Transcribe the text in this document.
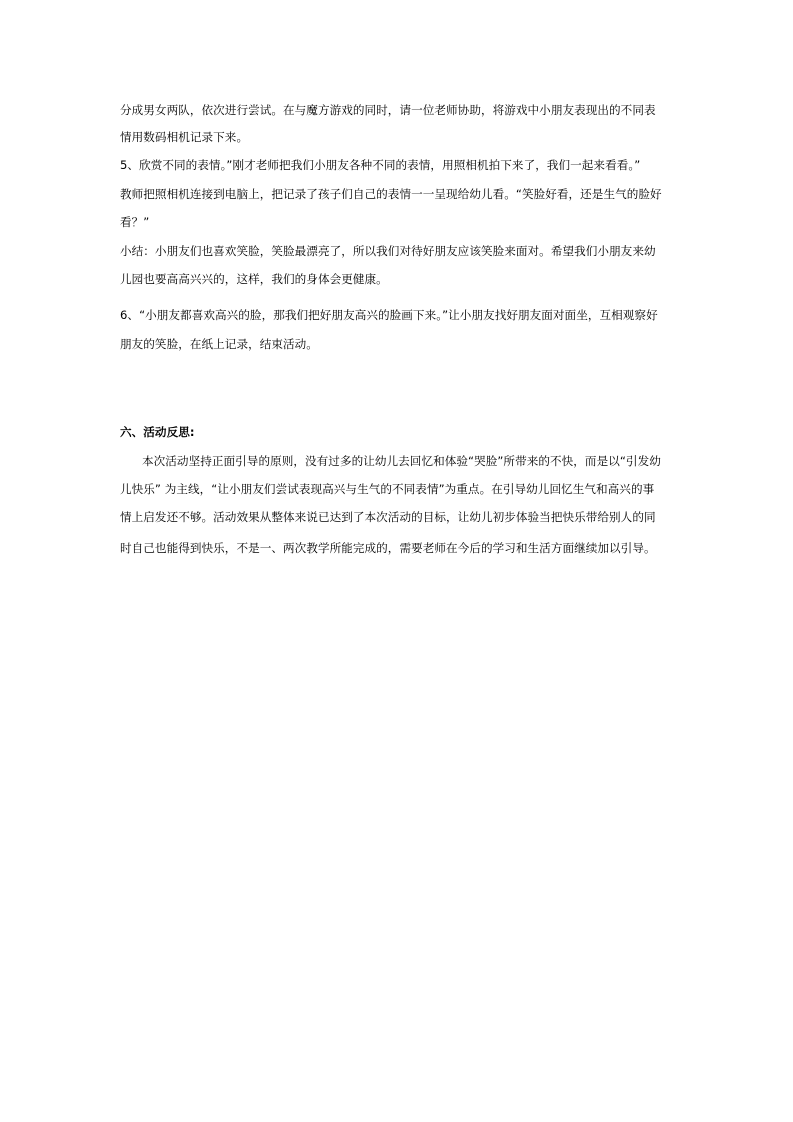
分成男女两队，依次进行尝试。在与魔方游戏的同时，请一位老师协助，将游戏中小朋友表现出的不同表
情用数码相机记录下来。
5、欣赏不同的表情。”刚才老师把我们小朋友各种不同的表情，用照相机拍下来了，我们一起来看看。”
教师把照相机连接到电脑上，把记录了孩子们自己的表情一一呈现给幼儿看。“笑脸好看，还是生气的脸好
看？”
小结：小朋友们也喜欢笑脸，笑脸最漂亮了，所以我们对待好朋友应该笑脸来面对。希望我们小朋友来幼
儿园也要高高兴兴的，这样，我们的身体会更健康。
6、“小朋友都喜欢高兴的脸，那我们把好朋友高兴的脸画下来。”让小朋友找好朋友面对面坐，互相观察好
朋友的笑脸，在纸上记录，结束活动。
六、活动反思:
本次活动坚持正面引导的原则，没有过多的让幼儿去回忆和体验“哭脸”所带来的不快，而是以“引发幼
儿快乐” 为主线，“让小朋友们尝试表现高兴与生气的不同表情”为重点。在引导幼儿回忆生气和高兴的事
情上启发还不够。活动效果从整体来说已达到了本次活动的目标，让幼儿初步体验当把快乐带给别人的同
时自己也能得到快乐，不是一、两次教学所能完成的，需要老师在今后的学习和生活方面继续加以引导。
